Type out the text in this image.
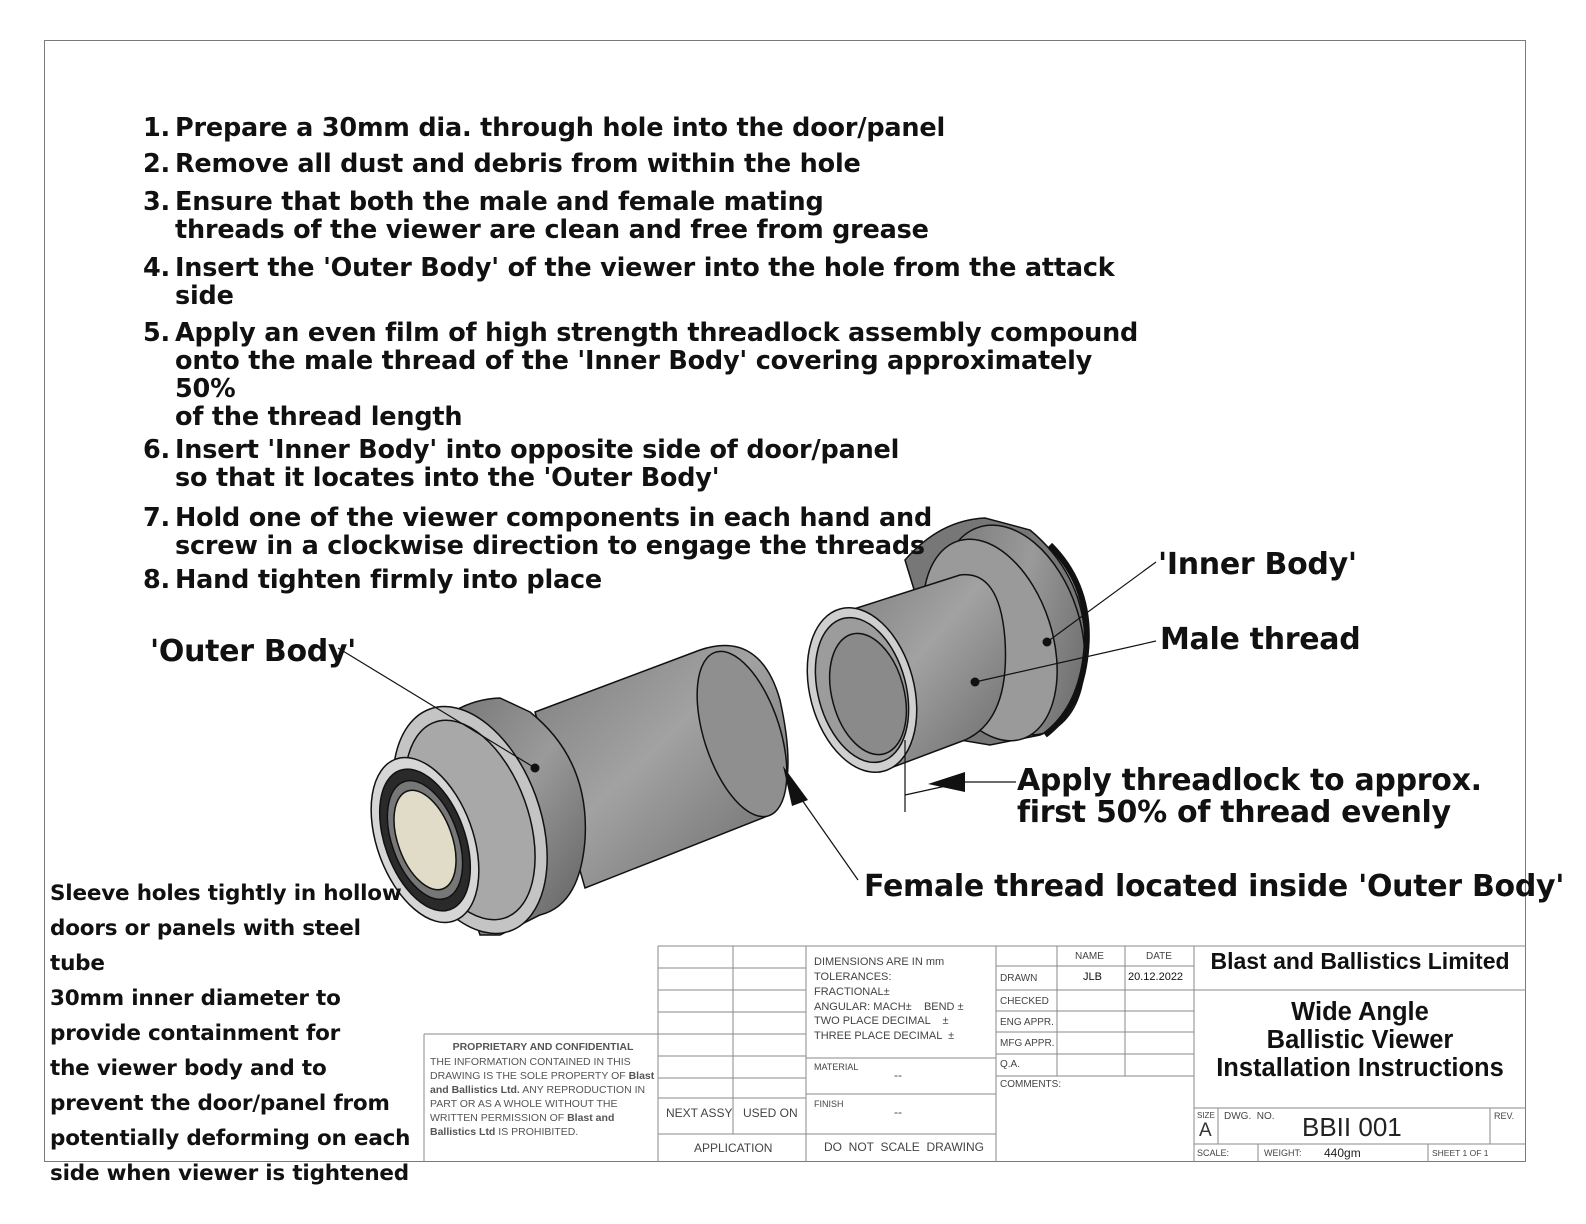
1. Prepare a 30mm dia. through hole into the door/panel
2. Remove all dust and debris from within the hole
3. Ensure that both the male and female mating
threads of the viewer are clean and free from grease
4. Insert the 'Outer Body' of the viewer into the hole from the attack side
5. Apply an even film of high strength threadlock assembly compound
onto the male thread of the 'Inner Body' covering approximately 50%
of the thread length
6. Insert 'Inner Body' into opposite side of door/panel
so that it locates into the 'Outer Body'
7. Hold one of the viewer components in each hand and
screw in a clockwise direction to engage the threads
8. Hand tighten firmly into place
'Outer Body'
'Inner Body'
Male thread
Apply threadlock to approx.
first 50% of thread evenly
Female thread located inside 'Outer Body'
Sleeve holes tightly in hollow
doors or panels with steel tube
30mm inner diameter to
provide containment for
the viewer body and to
prevent the door/panel from
potentially deforming on each
side when viewer is tightened
PROPRIETARY AND CONFIDENTIAL
THE INFORMATION CONTAINED IN THIS DRAWING IS THE SOLE PROPERTY OF Blast and Ballistics Ltd. ANY REPRODUCTION IN PART OR AS A WHOLE WITHOUT THE WRITTEN PERMISSION OF Blast and Ballistics Ltd IS PROHIBITED.
NEXT ASSY USED ON
APPLICATION
DIMENSIONS ARE IN mm
TOLERANCES:
FRACTIONAL±
ANGULAR: MACH±    BEND ±
TWO PLACE DECIMAL    ±
THREE PLACE DECIMAL  ±
MATERIAL
--
FINISH
--
DO  NOT  SCALE  DRAWING
NAME	DATE
DRAWN	JLB 20.12.2022
CHECKED
ENG APPR.
MFG APPR.
Q.A.
COMMENTS:
Blast and Ballistics Limited
Wide Angle
Ballistic Viewer
Installation Instructions
SIZE
A
DWG.  NO. BBII 001	REV.
SCALE:	WEIGHT: 440gm	SHEET 1 OF 1
